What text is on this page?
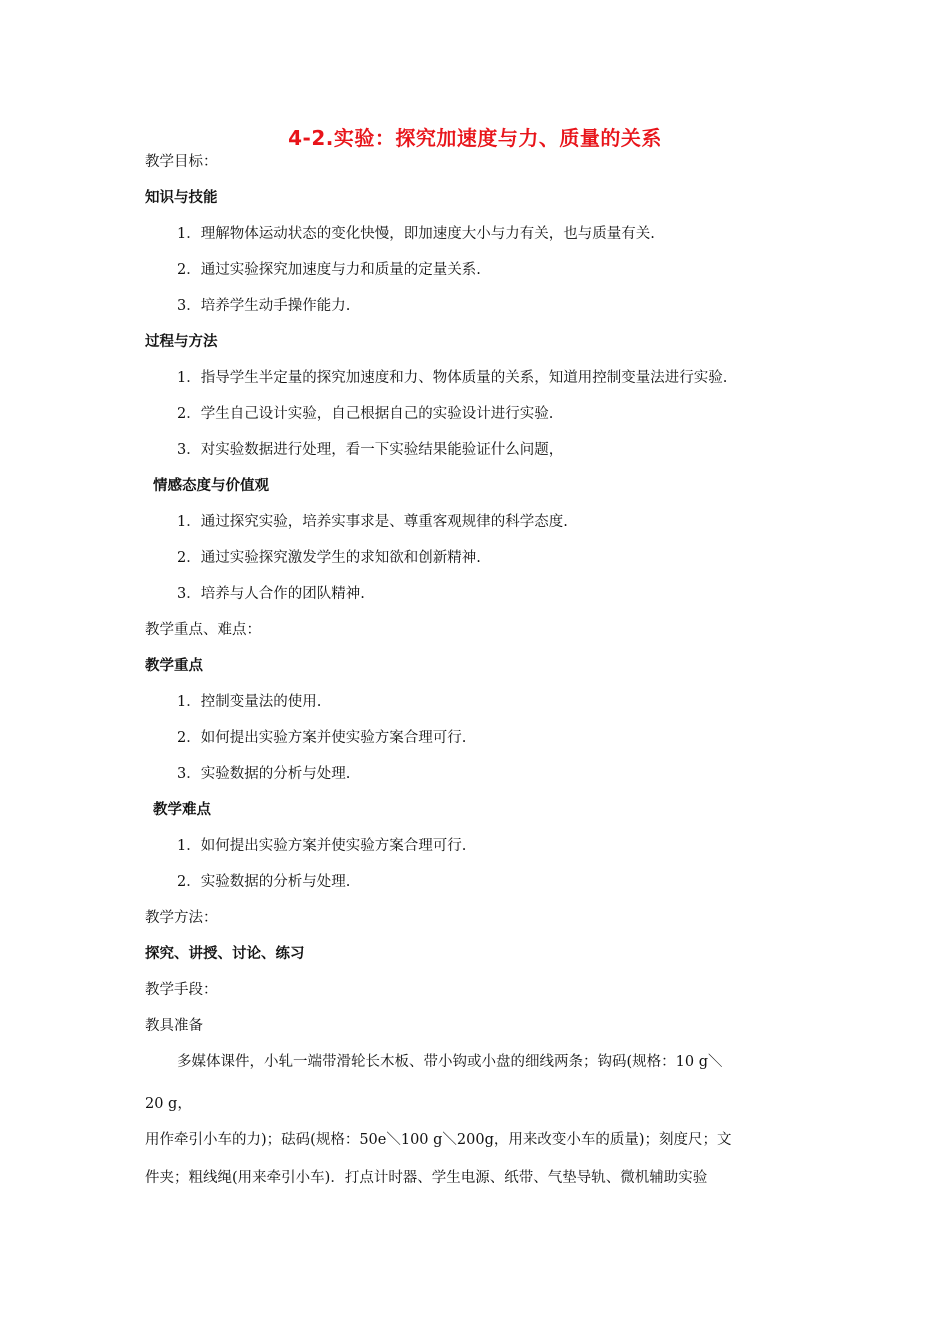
4-2.实验：探究加速度与力、质量的关系
教学目标：
知识与技能
1．理解物体运动状态的变化快慢，即加速度大小与力有关，也与质量有关.
2．通过实验探究加速度与力和质量的定量关系.
3．培养学生动手操作能力.
过程与方法
1．指导学生半定量的探究加速度和力、物体质量的关系，知道用控制变量法进行实验.
2．学生自己设计实验，自己根据自己的实验设计进行实验.
3．对实验数据进行处理，看一下实验结果能验证什么问题，
情感态度与价值观
1．通过探究实验，培养实事求是、尊重客观规律的科学态度.
2．通过实验探究激发学生的求知欲和创新精神.
3．培养与人合作的团队精神.
教学重点、难点：
教学重点
1．控制变量法的使用.
2．如何提出实验方案并使实验方案合理可行.
3．实验数据的分析与处理.
教学难点
1．如何提出实验方案并使实验方案合理可行.
2．实验数据的分析与处理.
教学方法：
探究、讲授、讨论、练习
教学手段：
教具准备
多媒体课件，小轧一端带滑轮长木板、带小钩或小盘的细线两条；钩码(规格：10 g＼
20 g，
用作牵引小车的力)；砝码(规格：50e＼100 g＼200g，用来改变小车的质量)；刻度尺；文
件夹；粗线绳(用来牵引小车)．打点计时器、学生电源、纸带、气垫导轨、微机辅助实验
